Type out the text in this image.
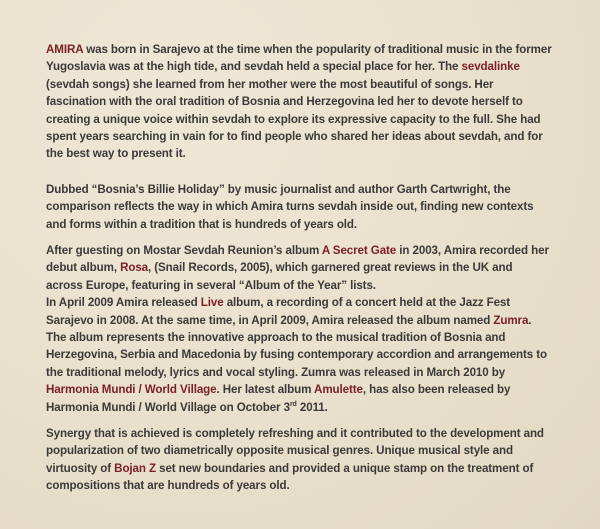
AMIRA was born in Sarajevo at the time when the popularity of traditional music in the former Yugoslavia was at the high tide, and sevdah held a special place for her. The sevdalinke (sevdah songs) she learned from her mother were the most beautiful of songs. Her fascination with the oral tradition of Bosnia and Herzegovina led her to devote herself to creating a unique voice within sevdah to explore its expressive capacity to the full. She had spent years searching in vain for to find people who shared her ideas about sevdah, and for the best way to present it.

Dubbed “Bosnia’s Billie Holiday” by music journalist and author Garth Cartwright, the comparison reflects the way in which Amira turns sevdah inside out, finding new contexts and forms within a tradition that is hundreds of years old.

After guesting on Mostar Sevdah Reunion’s album A Secret Gate in 2003, Amira recorded her debut album, Rosa, (Snail Records, 2005), which garnered great reviews in the UK and across Europe, featuring in several “Album of the Year” lists.
In April 2009 Amira released Live album, a recording of a concert held at the Jazz Fest Sarajevo in 2008. At the same time, in April 2009, Amira released the album named Zumra. The album represents the innovative approach to the musical tradition of Bosnia and Herzegovina, Serbia and Macedonia by fusing contemporary accordion and arrangements to the traditional melody, lyrics and vocal styling. Zumra was released in March 2010 by Harmonia Mundi / World Village. Her latest album Amulette, has also been released by Harmonia Mundi / World Village on October 3rd 2011.

Synergy that is achieved is completely refreshing and it contributed to the development and popularization of two diametrically opposite musical genres. Unique musical style and virtuosity of Bojan Z set new boundaries and provided a unique stamp on the treatment of compositions that are hundreds of years old.
